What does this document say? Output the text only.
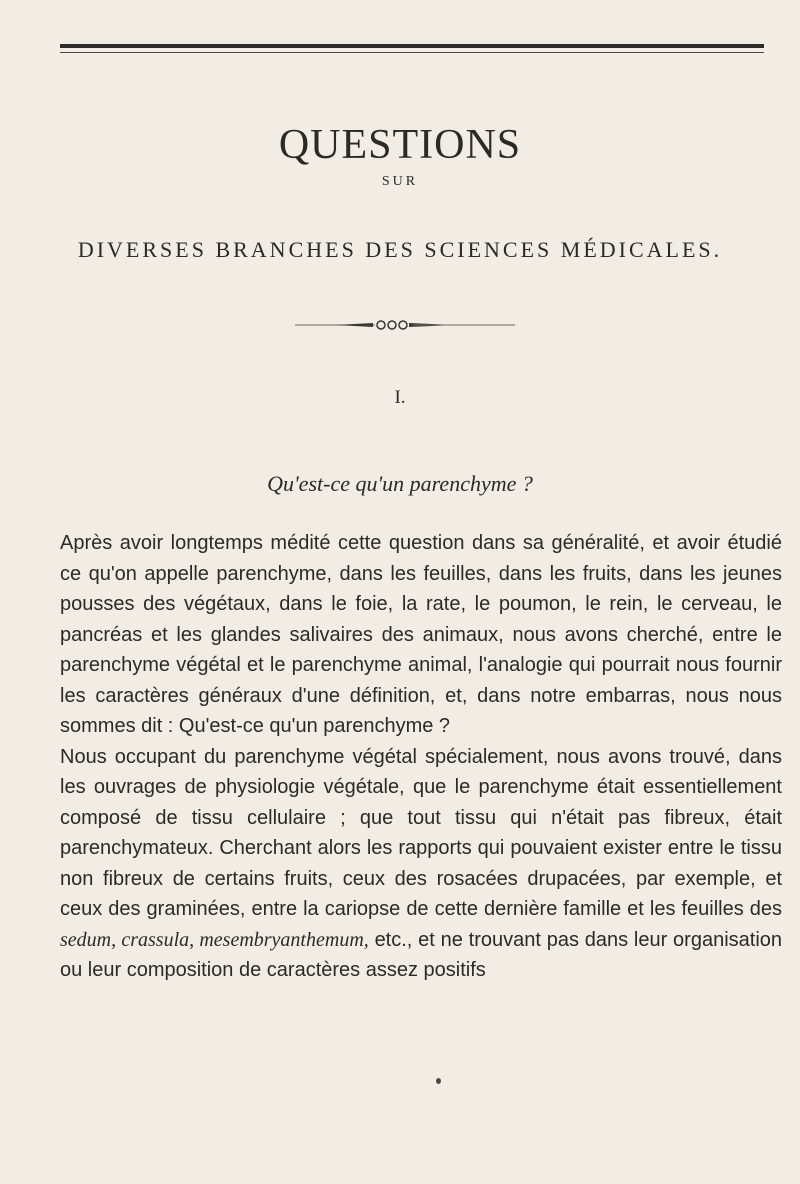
QUESTIONS
SUR
DIVERSES BRANCHES DES SCIENCES MÉDICALES.
I.
Qu'est-ce qu'un parenchyme ?

Après avoir longtemps médité cette question dans sa généralité, et avoir étudié ce qu'on appelle parenchyme, dans les feuilles, dans les fruits, dans les jeunes pousses des végétaux, dans le foie, la rate, le poumon, le rein, le cerveau, le pancréas et les glandes salivaires des animaux, nous avons cherché, entre le parenchyme végétal et le parenchyme animal, l'analogie qui pourrait nous fournir les caractères généraux d'une définition, et, dans notre embarras, nous nous sommes dit : Qu'est-ce qu'un parenchyme ?

Nous occupant du parenchyme végétal spécialement, nous avons trouvé, dans les ouvrages de physiologie végétale, que le parenchyme était essentiellement composé de tissu cellulaire ; que tout tissu qui n'était pas fibreux, était parenchymateux. Cherchant alors les rapports qui pouvaient exister entre le tissu non fibreux de certains fruits, ceux des rosacées drupacées, par exemple, et ceux des graminées, entre la cariopse de cette dernière famille et les feuilles des sedum, crassula, mesembryanthemum, etc., et ne trouvant pas dans leur organisation ou leur composition de caractères assez positifs
